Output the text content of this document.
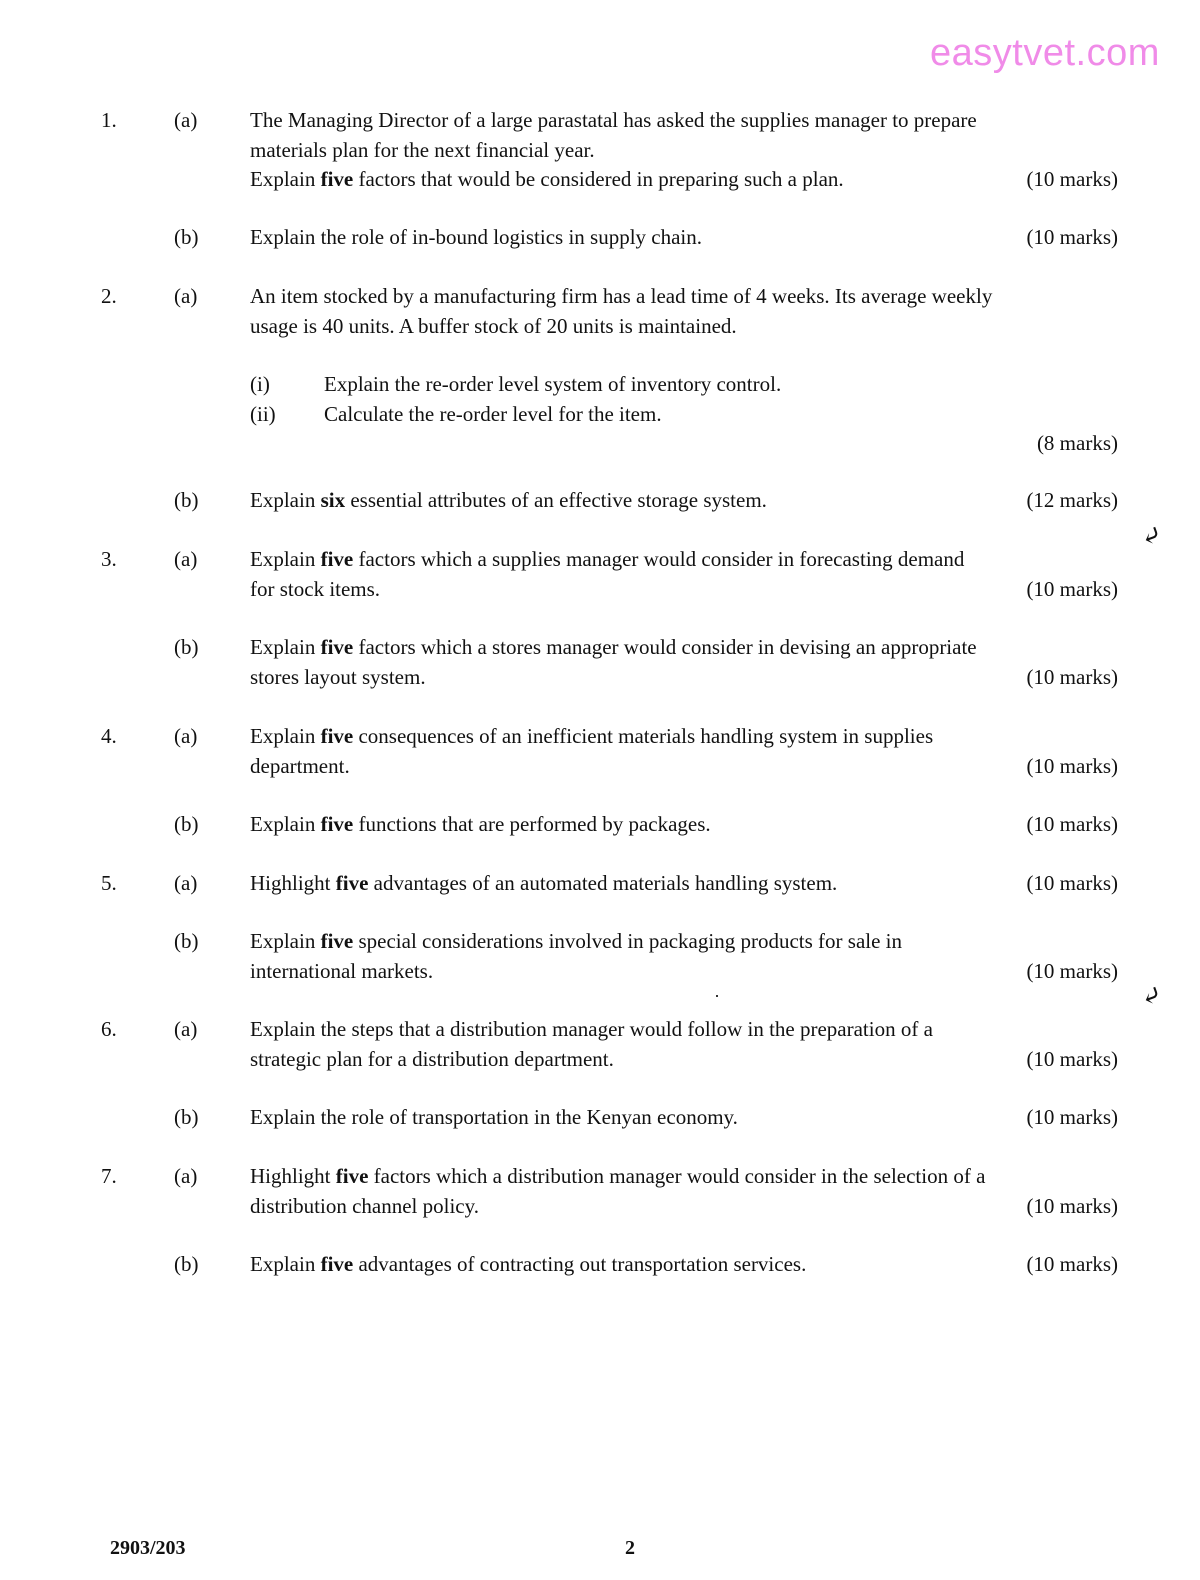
easytvet.com
1.	(a)	The Managing Director of a large parastatal has asked the supplies manager to prepare
materials plan for the next financial year.
Explain five factors that would be considered in preparing such a plan.	(10 marks)
(b) Explain the role of in-bound logistics in supply chain.	(10 marks)
2.	(a)	An item stocked by a manufacturing firm has a lead time of 4 weeks. Its average weekly
usage is 40 units. A buffer stock of 20 units is maintained.
(i)	Explain the re-order level system of inventory control.
(ii)	Calculate the re-order level for the item.
(8 marks)
(b) Explain six essential attributes of an effective storage system.	(12 marks)
3.	(a)	Explain five factors which a supplies manager would consider in forecasting demand
for stock items.	(10 marks)
(b) Explain five factors which a stores manager would consider in devising an appropriate
stores layout system.	(10 marks)
4.	(a)	Explain five consequences of an inefficient materials handling system in supplies
department.	(10 marks)
(b) Explain five functions that are performed by packages.	(10 marks)
5.	(a)	Highlight five advantages of an automated materials handling system.	(10 marks)
(b) Explain five special considerations involved in packaging products for sale in
international markets.	(10 marks)
6.	(a)	Explain the steps that a distribution manager would follow in the preparation of a
strategic plan for a distribution department.	(10 marks)
(b) Explain the role of transportation in the Kenyan economy.	(10 marks)
7.	(a)	Highlight five factors which a distribution manager would consider in the selection of a
distribution channel policy.	(10 marks)
(b) Explain five advantages of contracting out transportation services.	(10 marks)
⤶
⤶
2903/203	2
